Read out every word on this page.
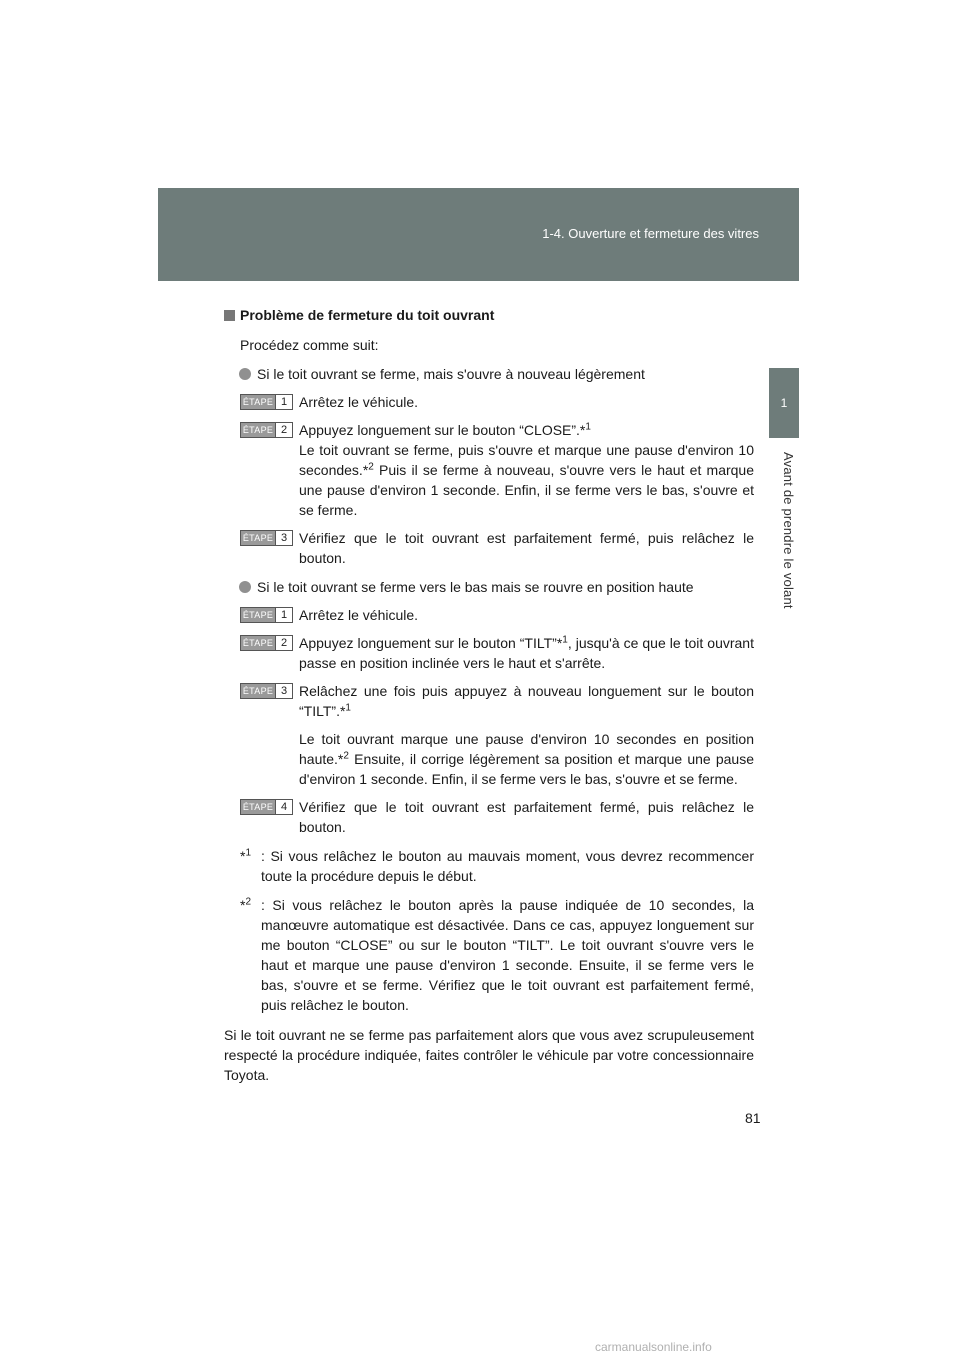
1-4. Ouverture et fermeture des vitres
1
Avant de prendre le volant
Problème de fermeture du toit ouvrant
Procédez comme suit:
Si le toit ouvrant se ferme, mais s'ouvre à nouveau légèrement
ÉTAPE 1 Arrêtez le véhicule.
ÉTAPE 2 Appuyez longuement sur le bouton “CLOSE”.*$^1$
Le toit ouvrant se ferme, puis s'ouvre et marque une pause d'environ 10 secondes.*$^2$ Puis il se ferme à nouveau, s'ouvre vers le haut et marque une pause d'environ 1 seconde. Enfin, il se ferme vers le bas, s'ouvre et se ferme.
ÉTAPE 3 Vérifiez que le toit ouvrant est parfaitement fermé, puis relâchez le bouton.
Si le toit ouvrant se ferme vers le bas mais se rouvre en position haute
ÉTAPE 1 Arrêtez le véhicule.
ÉTAPE 2 Appuyez longuement sur le bouton “TILT”*$^1$, jusqu'à ce que le toit ouvrant passe en position inclinée vers le haut et s'arrête.
ÉTAPE 3 Relâchez une fois puis appuyez à nouveau longuement sur le bouton “TILT”.*$^1$
Le toit ouvrant marque une pause d'environ 10 secondes en position haute.*$^2$ Ensuite, il corrige légèrement sa position et marque une pause d'environ 1 seconde. Enfin, il se ferme vers le bas, s'ouvre et se ferme.
ÉTAPE 4 Vérifiez que le toit ouvrant est parfaitement fermé, puis relâchez le bouton.
*$^1$ : Si vous relâchez le bouton au mauvais moment, vous devrez recommencer toute la procédure depuis le début.
*$^2$ : Si vous relâchez le bouton après la pause indiquée de 10 secondes, la manœuvre automatique est désactivée. Dans ce cas, appuyez longuement sur me bouton “CLOSE” ou sur le bouton “TILT”. Le toit ouvrant s'ouvre vers le haut et marque une pause d'environ 1 seconde. Ensuite, il se ferme vers le bas, s'ouvre et se ferme. Vérifiez que le toit ouvrant est parfaitement fermé, puis relâchez le bouton.
Si le toit ouvrant ne se ferme pas parfaitement alors que vous avez scrupuleusement respecté la procédure indiquée, faites contrôler le véhicule par votre concessionnaire Toyota.
81
carmanualsonline.info
